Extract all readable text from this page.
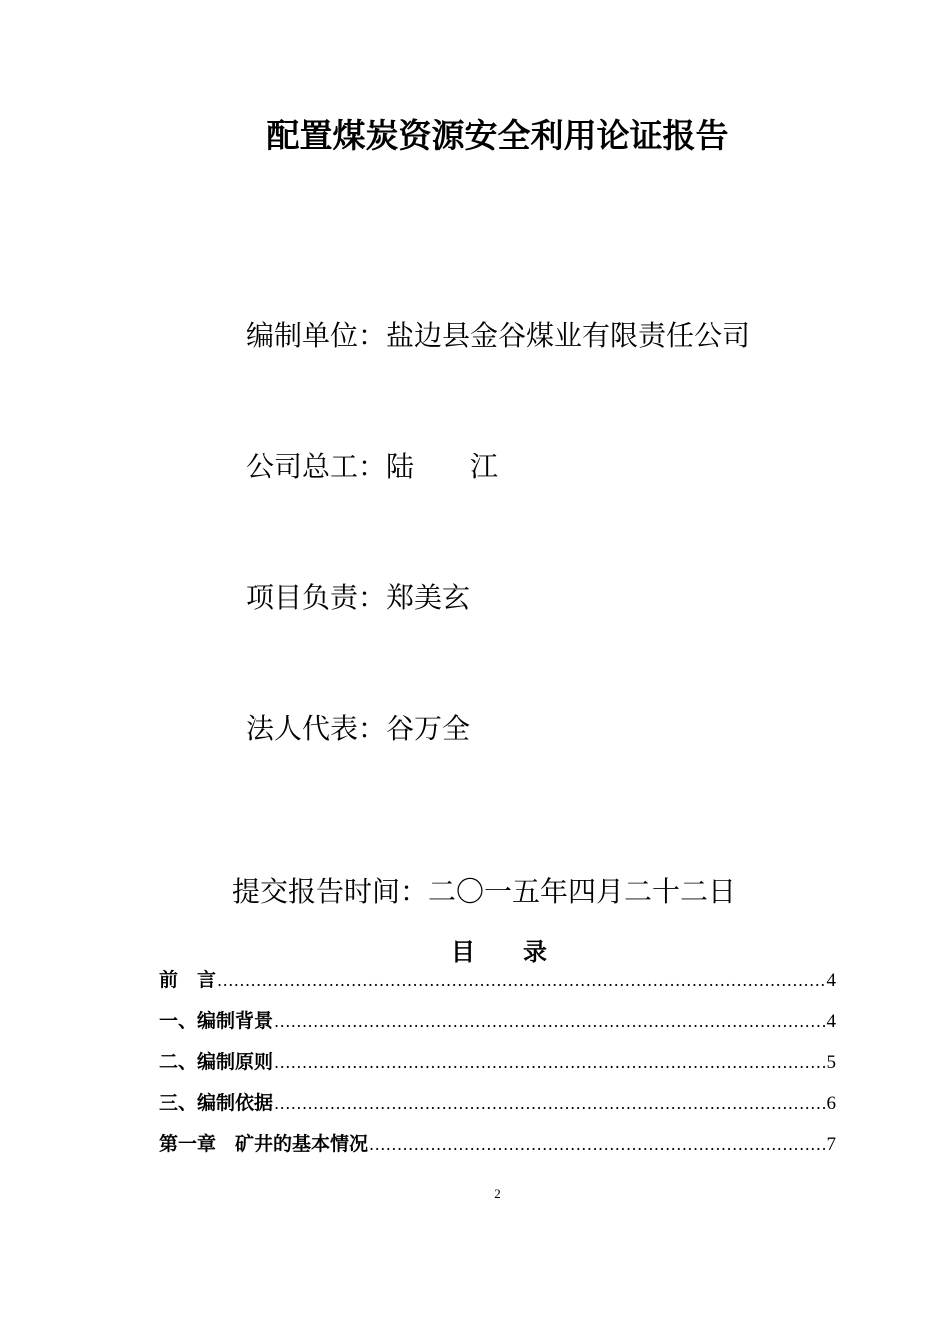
配置煤炭资源安全利用论证报告
编制单位：盐边县金谷煤业有限责任公司
公司总工：陆　　江
项目负责：郑美玄
法人代表：谷万全
提交报告时间：二〇一五年四月二十二日
目　　录
前　言 .....	4
一、编制背景 .....	4
二、编制原则 .....	5
三、编制依据 .....	6
第一章　矿井的基本情况 .....	7
2
